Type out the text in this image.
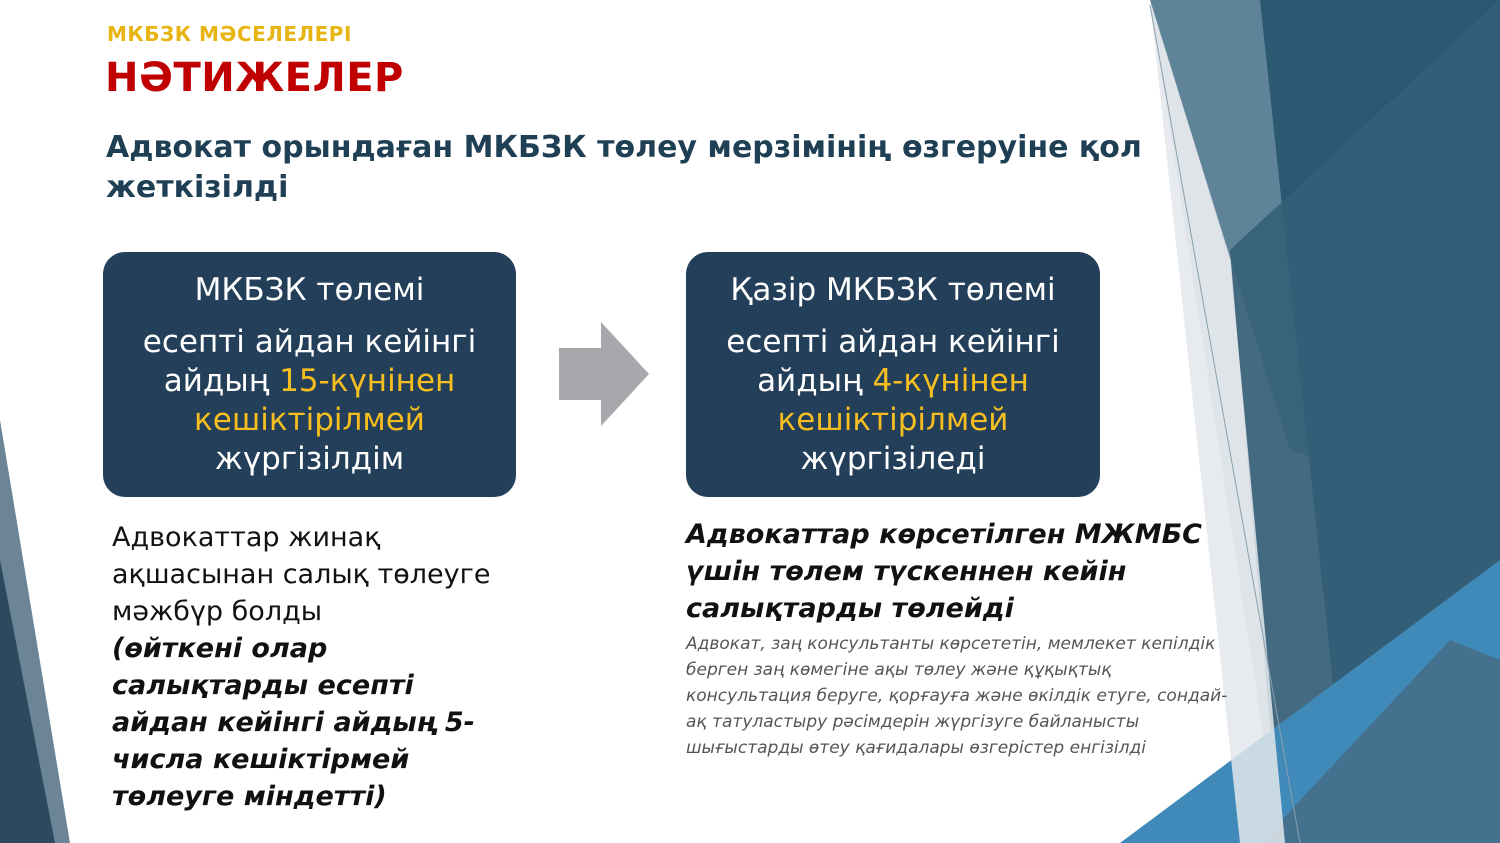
МКБЗК МӘСЕЛЕЛЕРІ
НӘТИЖЕЛЕР
Адвокат орындаған МКБЗК төлеу мерзімінің өзгеруіне қол жеткізілді
МКБЗК төлемі
есепті айдан кейінгі айдың 15-күнінен кешіктірілмей жүргізілдім
Қазір МКБЗК төлемі
есепті айдан кейінгі айдың 4-күнінен кешіктірілмей жүргізіледі
Адвокаттар жинақ ақшасынан салық төлеуге мәжбүр болды
(өйткені олар салықтарды есепті айдан кейінгі айдың 5-числа кешіктірмей төлеуге міндетті)
Адвокаттар көрсетілген МЖМБС үшін төлем түскеннен кейін салықтарды төлейді
Адвокат, заң консультанты көрсететін, мемлекет кепілдік берген заң көмегіне ақы төлеу және құқықтық консультация беруге, қорғауға және өкілдік етуге, сондай-ақ татуластыру рәсімдерін жүргізуге байланысты шығыстарды өтеу қағидалары өзгерістер енгізілді
